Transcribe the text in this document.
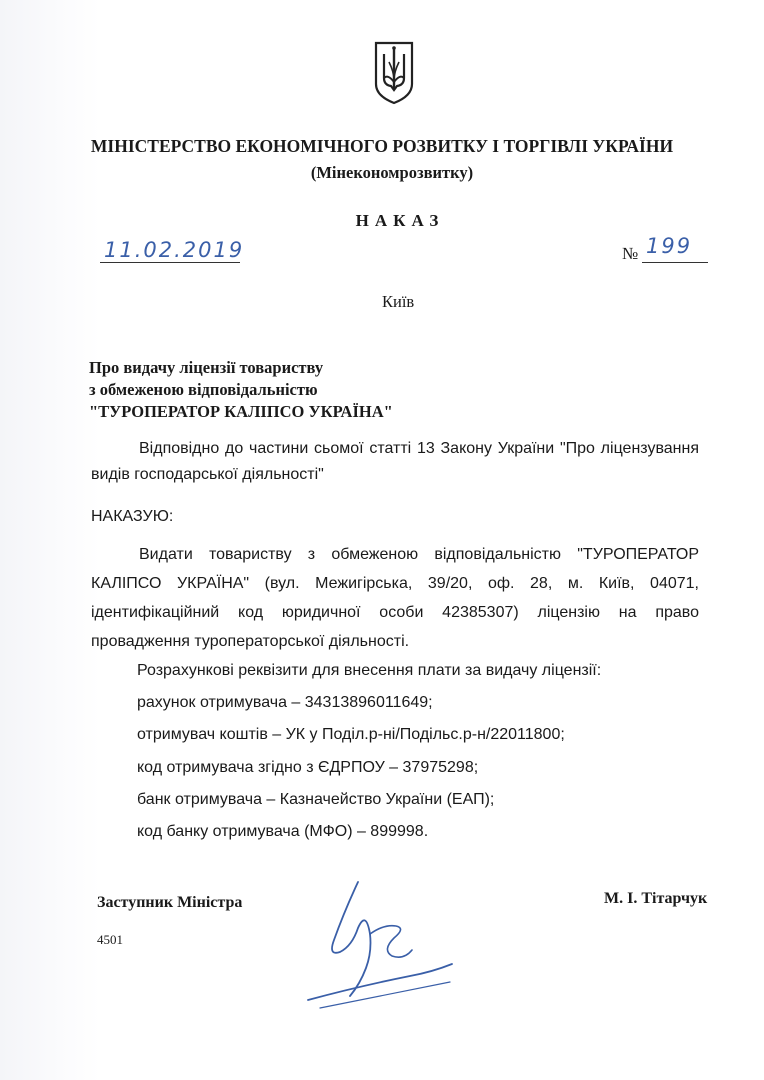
МІНІСТЕРСТВО ЕКОНОМІЧНОГО РОЗВИТКУ І ТОРГІВЛІ УКРАЇНИ
(Мінекономрозвитку)
НАКАЗ
11.02.2019	№ 199
Київ
Про видачу ліцензії товариству
з обмеженою відповідальністю
"ТУРОПЕРАТОР КАЛІПСО УКРАЇНА"
Відповідно до частини сьомої статті 13 Закону України "Про ліцензування видів господарської діяльності"
НАКАЗУЮ:
Видати товариству з обмеженою відповідальністю "ТУРОПЕРАТОР КАЛІПСО УКРАЇНА" (вул. Межигірська, 39/20, оф. 28, м. Київ, 04071, ідентифікаційний код юридичної особи 42385307) ліцензію на право провадження туроператорської діяльності.
Розрахункові реквізити для внесення плати за видачу ліцензії:
рахунок отримувача – 34313896011649;
отримувач коштів – УК у Поділ.р-ні/Подільс.р-н/22011800;
код отримувача згідно з ЄДРПОУ – 37975298;
банк отримувача – Казначейство України (ЕАП);
код банку отримувача (МФО) – 899998.
Заступник Міністра	М. І. Тітарчук
4501
